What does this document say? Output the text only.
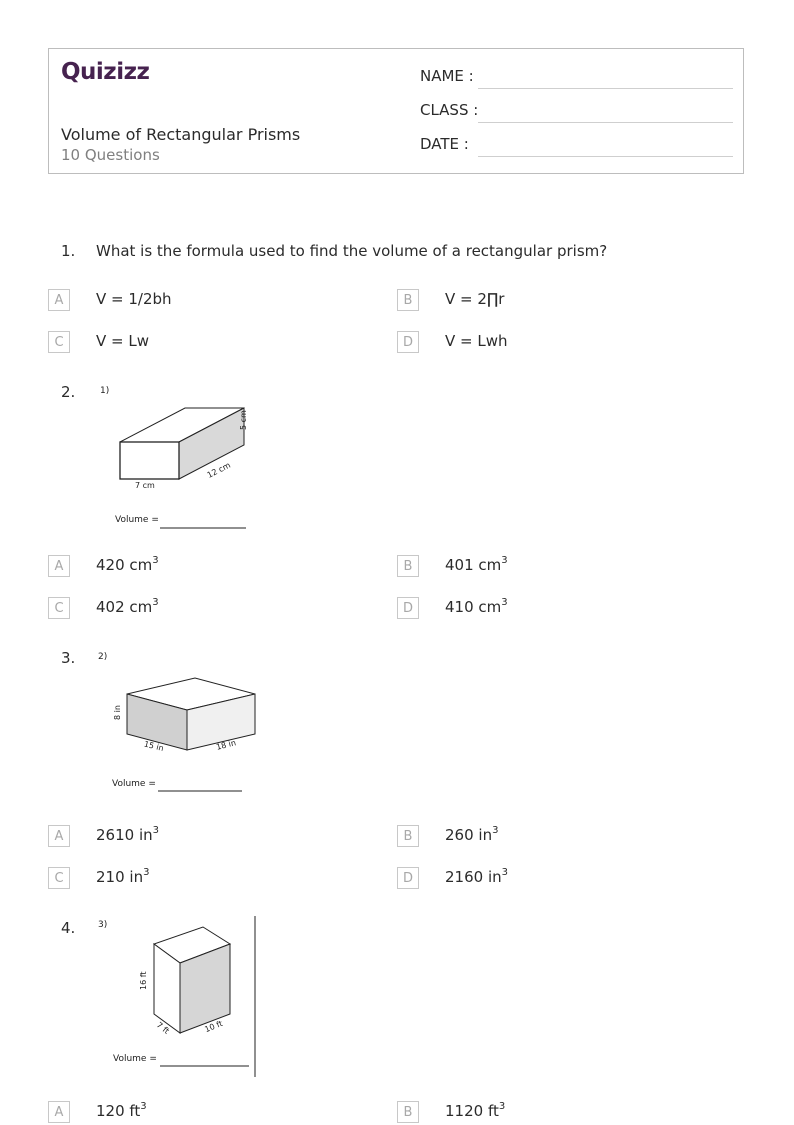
Quizizz
Volume of Rectangular Prisms
10 Questions
NAME :
CLASS :
DATE :
1. What is the formula used to find the volume of a rectangular prism?
A	V = 1/2bh	B	V = 2∏r
C	V = Lw	D	V = Lwh
2.	1)
7 cm
12 cm
5 cm
Volume =
A	420 $cm^3$	B	401 $cm^3$
C	402 $cm^3$	D	410 $cm^3$
3.	2)
8 in
15 in	18 in
Volume =
A	2610 $in^3$	B	260 $in^3$
C	210 $in^3$	D	2160 $in^3$
4.	3)
16 ft
7 ft	10 ft
Volume =
A	120 $ft^3$	B	1120 $ft^3$
